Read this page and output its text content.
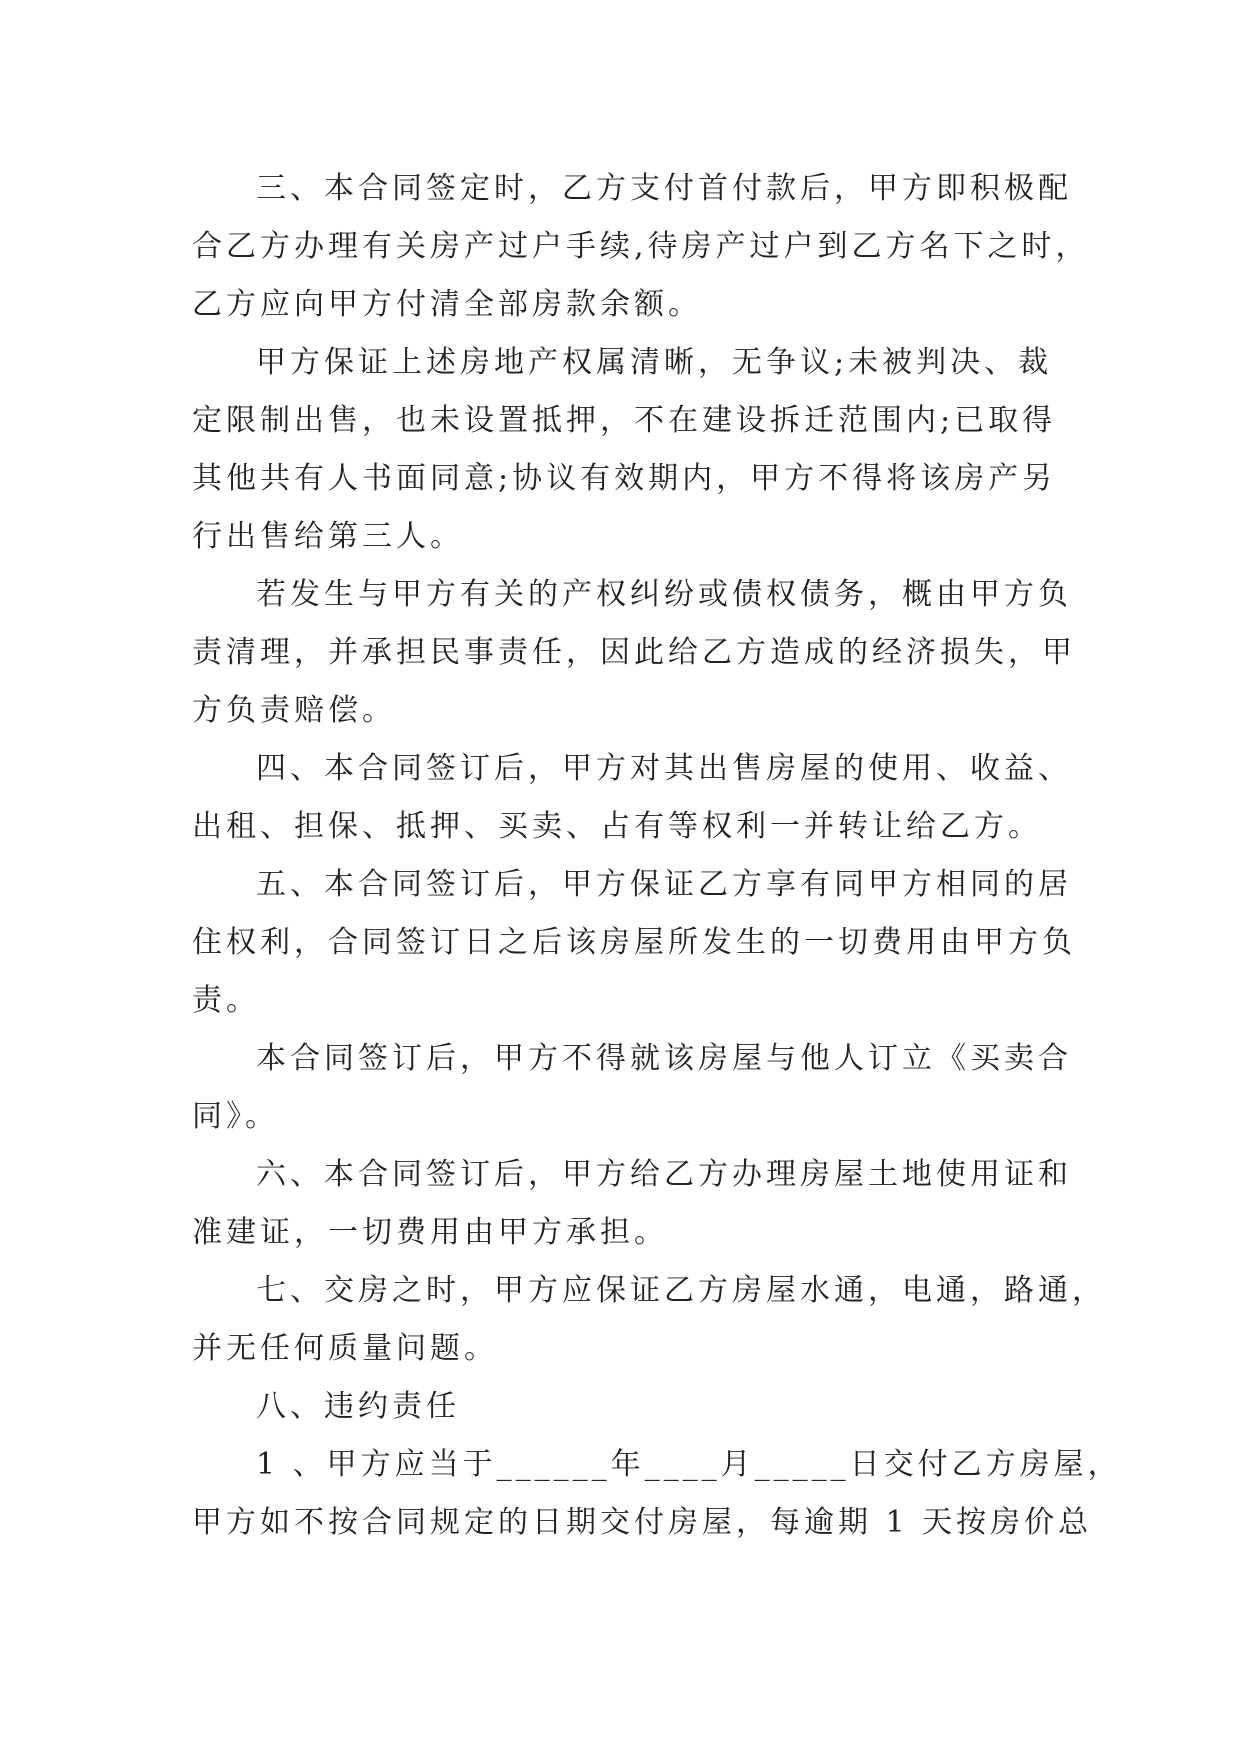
三、本合同签定时，乙方支付首付款后，甲方即积极配
合乙方办理有关房产过户手续,待房产过户到乙方名下之时，
乙方应向甲方付清全部房款余额。
甲方保证上述房地产权属清晰，无争议;未被判决、裁
定限制出售，也未设置抵押，不在建设拆迁范围内;已取得
其他共有人书面同意;协议有效期内，甲方不得将该房产另
行出售给第三人。
若发生与甲方有关的产权纠纷或债权债务，概由甲方负
责清理，并承担民事责任，因此给乙方造成的经济损失，甲
方负责赔偿。
四、本合同签订后，甲方对其出售房屋的使用、收益、
出租、担保、抵押、买卖、占有等权利一并转让给乙方。
五、本合同签订后，甲方保证乙方享有同甲方相同的居
住权利，合同签订日之后该房屋所发生的一切费用由甲方负
责。
本合同签订后，甲方不得就该房屋与他人订立《买卖合
同》。
六、本合同签订后，甲方给乙方办理房屋土地使用证和
准建证，一切费用由甲方承担。
七、交房之时，甲方应保证乙方房屋水通，电通，路通，
并无任何质量问题。
八、违约责任
1 、甲方应当于______年____月_____日交付乙方房屋，
甲方如不按合同规定的日期交付房屋，每逾期 1 天按房价总
